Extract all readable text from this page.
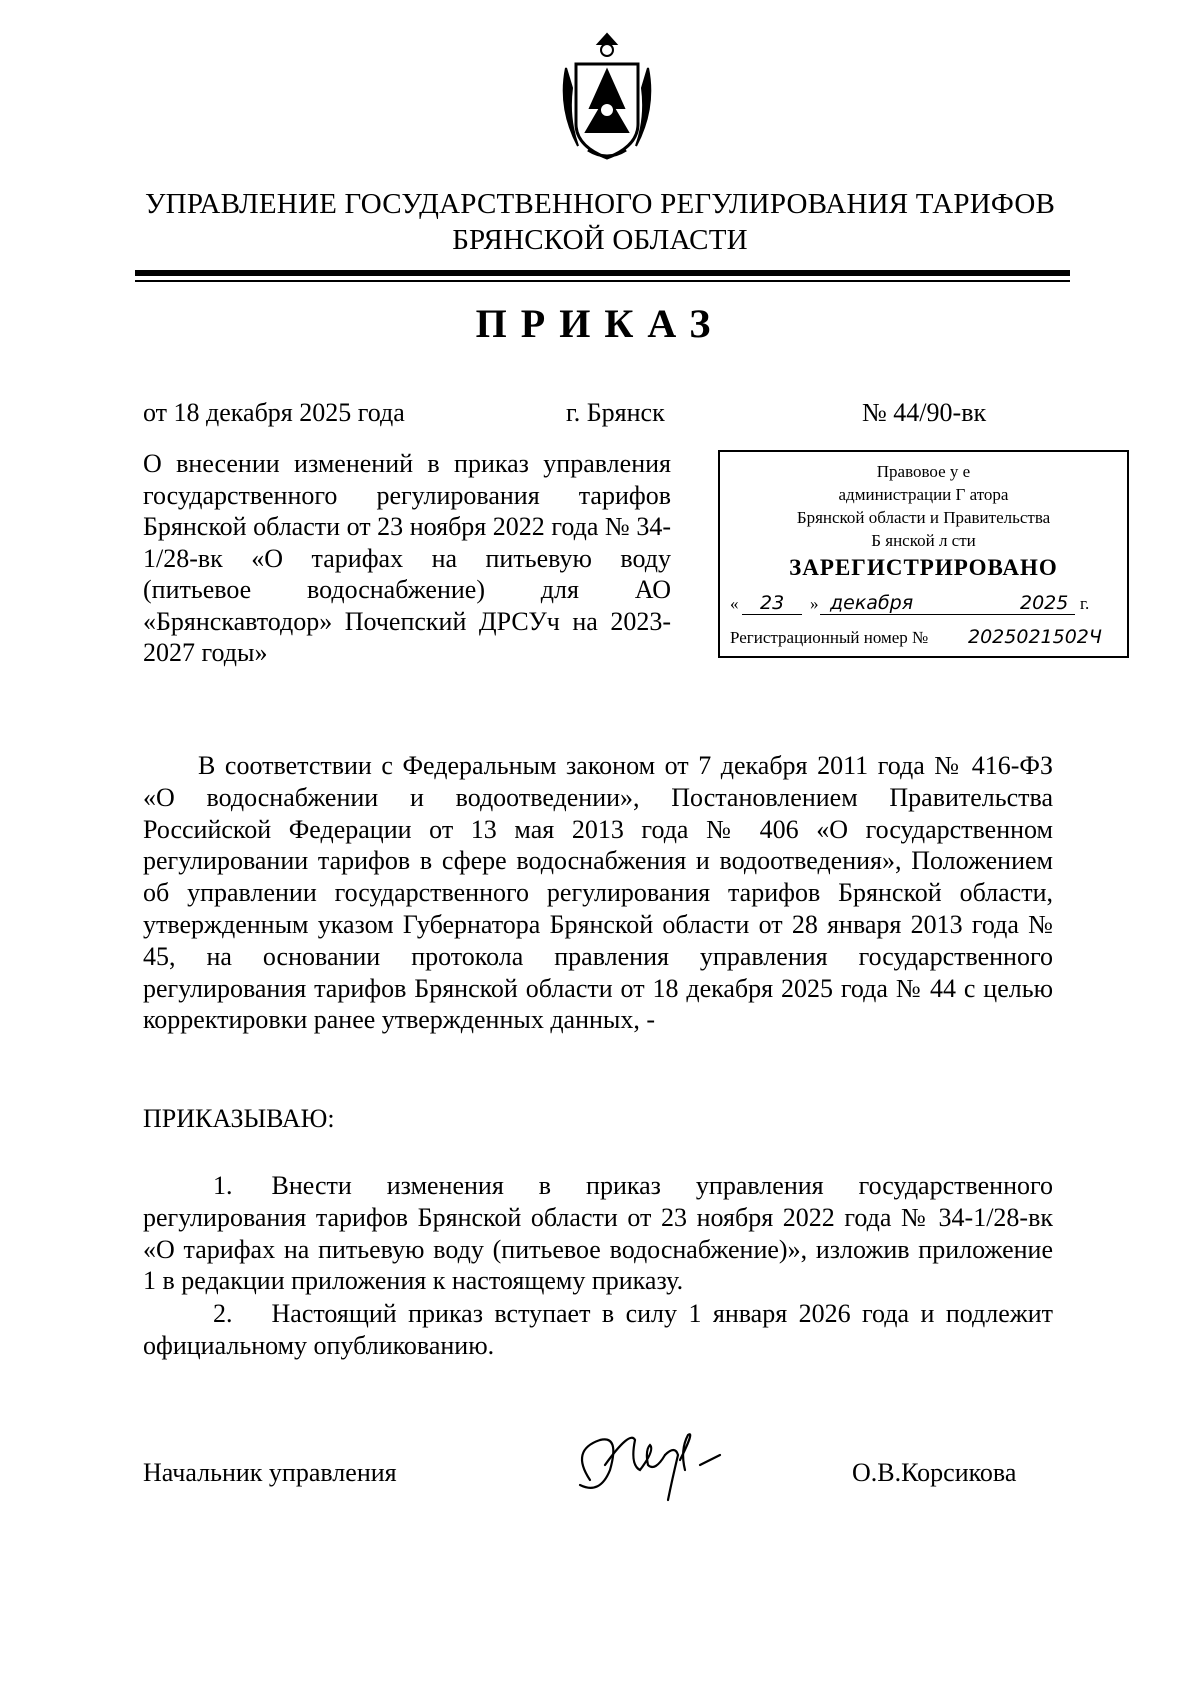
УПРАВЛЕНИЕ ГОСУДАРСТВЕННОГО РЕГУЛИРОВАНИЯ ТАРИФОВ
БРЯНСКОЙ ОБЛАСТИ
ПРИКАЗ
от 18 декабря 2025 года	г. Брянск	№ 44/90-вк
О внесении изменений в приказ управления государственного регулирования тарифов Брянской области от 23 ноября 2022 года № 34-1/28-вк «О тарифах на питьевую воду (питьевое водоснабжение) для АО «Брянскавтодор» Почепский ДРСУч на 2023-2027 годы»
Правовое у е
администрации Г атора
Брянской области и Правительства
Б янской л сти
ЗАРЕГИСТРИРОВАНО
« 23 » декабря	2025 г.
Регистрационный номер № 2025021502Ч
В соответствии с Федеральным законом от 7 декабря 2011 года № 416-ФЗ «О водоснабжении и водоотведении», Постановлением Правительства Российской Федерации от 13 мая 2013 года № 406 «О государственном регулировании тарифов в сфере водоснабжения и водоотведения», Положением об управлении государственного регулирования тарифов Брянской области, утвержденным указом Губернатора Брянской области от 28 января 2013 года № 45, на основании протокола правления управления государственного регулирования тарифов Брянской области от 18 декабря 2025 года № 44 с целью корректировки ранее утвержденных данных, -
ПРИКАЗЫВАЮ:
1.  Внести изменения в приказ управления государственного регулирования тарифов Брянской области от 23 ноября 2022 года № 34-1/28-вк «О тарифах на питьевую воду (питьевое водоснабжение)», изложив приложение 1 в редакции приложения к настоящему приказу.
2.  Настоящий приказ вступает в силу 1 января 2026 года и подлежит официальному опубликованию.
Начальник управления	О.В.Корсикова
